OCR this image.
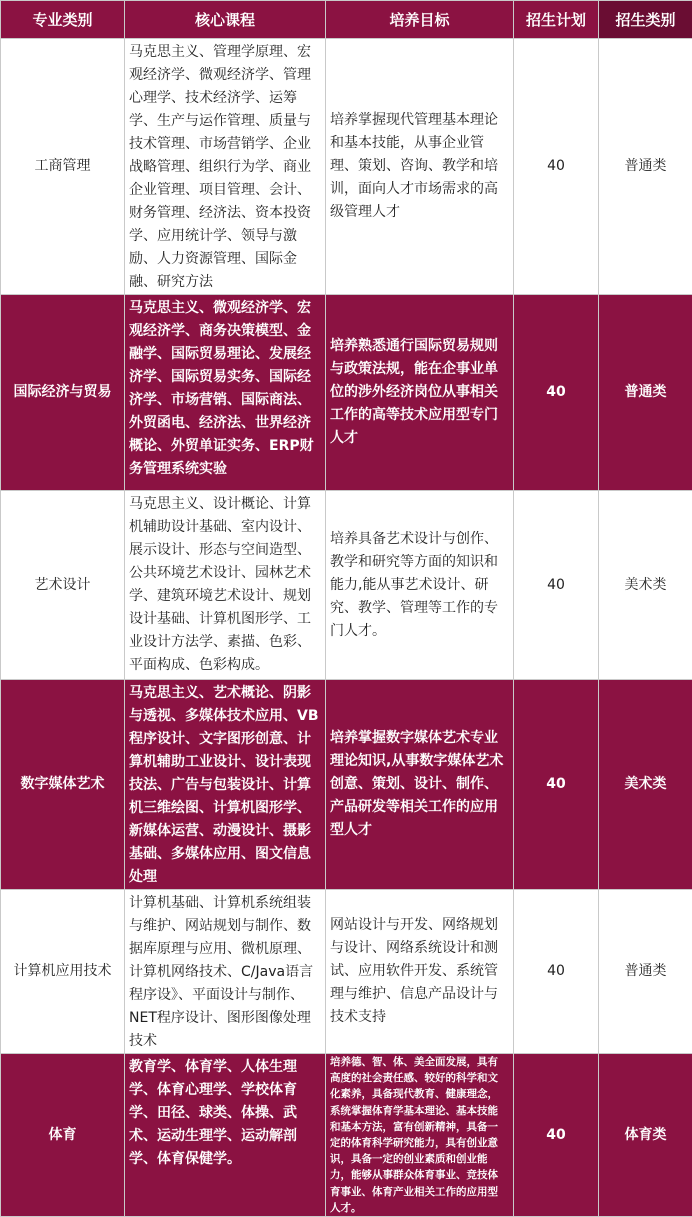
专业类别	核心课程	培养目标	招生计划	招生类别
工商管理	马克思主义、管理学原理、宏观经济学、微观经济学、管理心理学、技术经济学、运筹学、生产与运作管理、质量与技术管理、市场营销学、企业战略管理、组织行为学、商业企业管理、项目管理、会计、财务管理、经济法、资本投资学、应用统计学、领导与激励、人力资源管理、国际金融、研究方法	培养掌握现代管理基本理论和基本技能，从事企业管理、策划、咨询、教学和培训，面向人才市场需求的高级管理人才	40	普通类
国际经济与贸易	马克思主义、微观经济学、宏观经济学、商务决策模型、金融学、国际贸易理论、发展经济学、国际贸易实务、国际经济学、市场营销、国际商法、外贸函电、经济法、世界经济概论、外贸单证实务、ERP财务管理系统实验	培养熟悉通行国际贸易规则与政策法规，能在企事业单位的涉外经济岗位从事相关工作的高等技术应用型专门人才	40	普通类
艺术设计	马克思主义、设计概论、计算机辅助设计基础、室内设计、展示设计、形态与空间造型、公共环境艺术设计、园林艺术学、建筑环境艺术设计、规划设计基础、计算机图形学、工业设计方法学、素描、色彩、平面构成、色彩构成。	培养具备艺术设计与创作、教学和研究等方面的知识和能力,能从事艺术设计、研究、教学、管理等工作的专门人才。	40	美术类
数字媒体艺术	马克思主义、艺术概论、阴影与透视、多媒体技术应用、VB程序设计、文字图形创意、计算机辅助工业设计、设计表现技法、广告与包装设计、计算机三维绘图、计算机图形学、新媒体运营、动漫设计、摄影基础、多媒体应用、图文信息处理	培养掌握数字媒体艺术专业理论知识,从事数字媒体艺术创意、策划、设计、制作、产品研发等相关工作的应用型人才	40	美术类
计算机应用技术	计算机基础、计算机系统组装与维护、网站规划与制作、数据库原理与应用、微机原理、计算机网络技术、C/Java语言程序设》、平面设计与制作、NET程序设计、图形图像处理技术	网站设计与开发、网络规划与设计、网络系统设计和测试、应用软件开发、系统管理与维护、信息产品设计与技术支持	40	普通类
体育	教育学、体育学、人体生理学、体育心理学、学校体育学、田径、球类、体操、武术、运动生理学、运动解剖学、体育保健学。	培养德、智、体、美全面发展，具有高度的社会责任感、较好的科学和文化素养，具备现代教育、健康理念，系统掌握体育学基本理论、基本技能和基本方法，富有创新精神，具备一定的体育科学研究能力，具有创业意识，具备一定的创业素质和创业能力，能够从事群众体育事业、竞技体育事业、体育产业相关工作的应用型人才。	40	体育类
